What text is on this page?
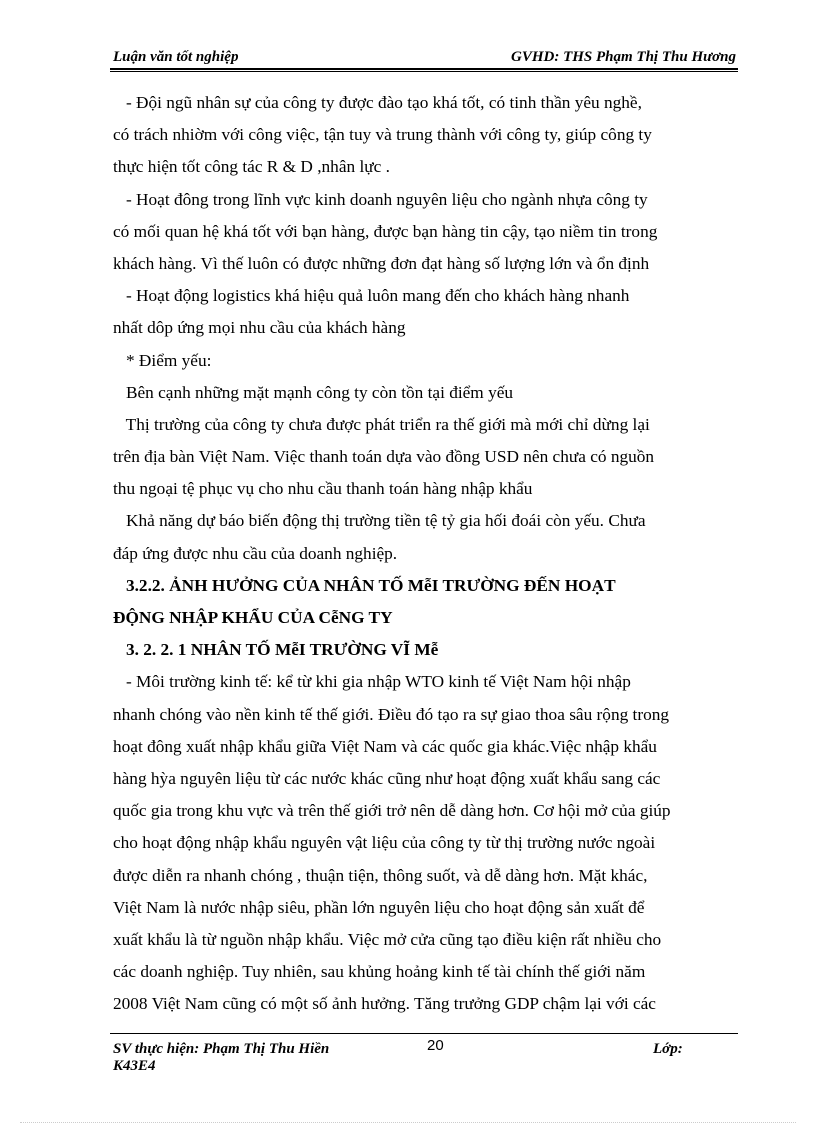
Luận văn tốt nghiệp	GVHD: THS Phạm Thị Thu Hương
- Đội ngũ nhân sự của công ty được đào tạo khá tốt, có tinh thần yêu nghề,
có trách nhiờm với công việc, tận tuy và trung thành với công ty, giúp công ty
thực hiện tốt công tác R & D ,nhân lực .
- Hoạt đông trong lĩnh vực kinh doanh nguyên liệu cho ngành nhựa công ty
có mối quan hệ khá tốt với bạn hàng, được bạn hàng tin cậy, tạo niềm tin trong
khách hàng. Vì thế luôn có được những đơn đạt hàng số lượng lớn và ổn định
- Hoạt động logistics khá hiệu quả luôn mang đến cho khách hàng nhanh
nhất dôp ứng mọi nhu cầu của khách hàng
* Điểm yếu:
Bên cạnh những mặt mạnh công ty còn tồn tại điểm yếu
Thị trường của công ty chưa được phát triển ra thế giới mà mới chỉ dừng lại
trên địa bàn Việt Nam. Việc thanh toán dựa vào đồng USD nên chưa có nguồn
thu ngoại tệ phục vụ cho nhu cầu thanh toán hàng nhập khẩu
Khả năng dự báo biến động thị trường tiền tệ tỷ gia hối đoái còn yếu. Chưa
đáp ứng được nhu cầu của doanh nghiệp.
3.2.2. ẢNH HƯỞNG CỦA NHÂN TỐ MễI TRƯỜNG ĐẾN HOẠT
ĐỘNG NHẬP KHẨU CỦA CễNG TY
3. 2. 2. 1 NHÂN TỐ MễI TRƯỜNG VĨ Mễ
- Môi trường kinh tế: kể từ khi gia nhập WTO kinh tế Việt Nam hội nhập
nhanh chóng vào nền kinh tế thế giới. Điều đó tạo ra sự giao thoa sâu rộng trong
hoạt đông xuất nhập khẩu giữa Việt Nam và các quốc gia khác.Việc nhập khẩu
hàng hỳa nguyên liệu từ các nước khác cũng như hoạt động xuất khẩu sang các
quốc gia trong khu vực và trên thế giới trở nên dễ dàng hơn. Cơ hội mở của giúp
cho hoạt động nhập khẩu nguyên vật liệu của công ty từ thị trường nước ngoài
được diễn ra nhanh chóng , thuận tiện, thông suốt, và dễ dàng hơn. Mặt khác,
Việt Nam là nước nhập siêu, phần lớn nguyên liệu cho hoạt động sản xuất để
xuất khẩu là từ nguồn nhập khẩu. Việc mở cửa cũng tạo điều kiện rất nhiều cho
các doanh nghiệp. Tuy nhiên, sau khủng hoảng kinh tế tài chính thế giới năm
2008 Việt Nam cũng có một số ảnh hưởng. Tăng trưởng GDP chậm lại với các
SV thực hiện: Phạm Thị Thu Hiền
K43E4
20	Lớp:
